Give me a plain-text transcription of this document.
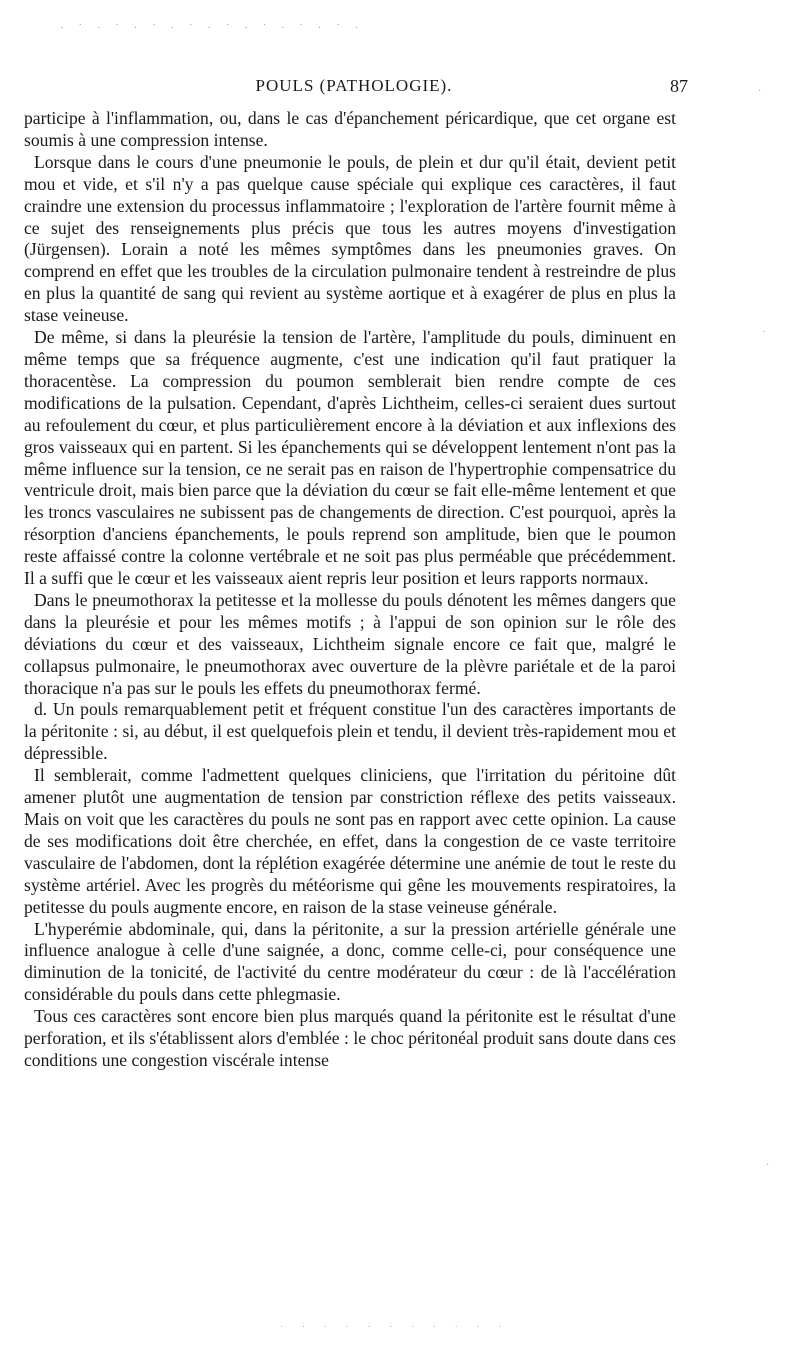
· ˙ · ˙ · ˙ · ˙ · ˙ · ˙ · ˙ · ˙ ·
·
˙
·
POULS (PATHOLOGIE).	87

participe à l'inflammation, ou, dans le cas d'épanchement péricardique, que cet organe est soumis à une compression intense.

Lorsque dans le cours d'une pneumonie le pouls, de plein et dur qu'il était, devient petit mou et vide, et s'il n'y a pas quelque cause spéciale qui explique ces caractères, il faut craindre une extension du processus inflammatoire ; l'exploration de l'artère fournit même à ce sujet des renseignements plus précis que tous les autres moyens d'investigation (Jürgensen). Lorain a noté les mêmes symptômes dans les pneumonies graves. On comprend en effet que les troubles de la circulation pulmonaire tendent à restreindre de plus en plus la quantité de sang qui revient au système aortique et à exagérer de plus en plus la stase veineuse.

De même, si dans la pleurésie la tension de l'artère, l'amplitude du pouls, diminuent en même temps que sa fréquence augmente, c'est une indication qu'il faut pratiquer la thoracentèse. La compression du poumon semblerait bien rendre compte de ces modifications de la pulsation. Cependant, d'après Lichtheim, celles-ci seraient dues surtout au refoulement du cœur, et plus particulièrement encore à la déviation et aux inflexions des gros vaisseaux qui en partent. Si les épanchements qui se développent lentement n'ont pas la même influence sur la tension, ce ne serait pas en raison de l'hypertrophie compensatrice du ventricule droit, mais bien parce que la déviation du cœur se fait elle-même lentement et que les troncs vasculaires ne subissent pas de changements de direction. C'est pourquoi, après la résorption d'anciens épanchements, le pouls reprend son amplitude, bien que le poumon reste affaissé contre la colonne vertébrale et ne soit pas plus perméable que précédemment. Il a suffi que le cœur et les vaisseaux aient repris leur position et leurs rapports normaux.

Dans le pneumothorax la petitesse et la mollesse du pouls dénotent les mêmes dangers que dans la pleurésie et pour les mêmes motifs ; à l'appui de son opinion sur le rôle des déviations du cœur et des vaisseaux, Lichtheim signale encore ce fait que, malgré le collapsus pulmonaire, le pneumothorax avec ouverture de la plèvre pariétale et de la paroi thoracique n'a pas sur le pouls les effets du pneumothorax fermé.

d. Un pouls remarquablement petit et fréquent constitue l'un des caractères importants de la péritonite : si, au début, il est quelquefois plein et tendu, il devient très-rapidement mou et dépressible.

Il semblerait, comme l'admettent quelques cliniciens, que l'irritation du péritoine dût amener plutôt une augmentation de tension par constriction réflexe des petits vaisseaux. Mais on voit que les caractères du pouls ne sont pas en rapport avec cette opinion. La cause de ses modifications doit être cherchée, en effet, dans la congestion de ce vaste territoire vasculaire de l'abdomen, dont la réplétion exagérée détermine une anémie de tout le reste du système artériel. Avec les progrès du météorisme qui gêne les mouvements respiratoires, la petitesse du pouls augmente encore, en raison de la stase veineuse générale.

L'hyperémie abdominale, qui, dans la péritonite, a sur la pression artérielle générale une influence analogue à celle d'une saignée, a donc, comme celle-ci, pour conséquence une diminution de la tonicité, de l'activité du centre modérateur du cœur : de là l'accélération considérable du pouls dans cette phlegmasie.

Tous ces caractères sont encore bien plus marqués quand la péritonite est le résultat d'une perforation, et ils s'établissent alors d'emblée : le choc péritonéal produit sans doute dans ces conditions une congestion viscérale intense

· · · · · · · · · · ·
